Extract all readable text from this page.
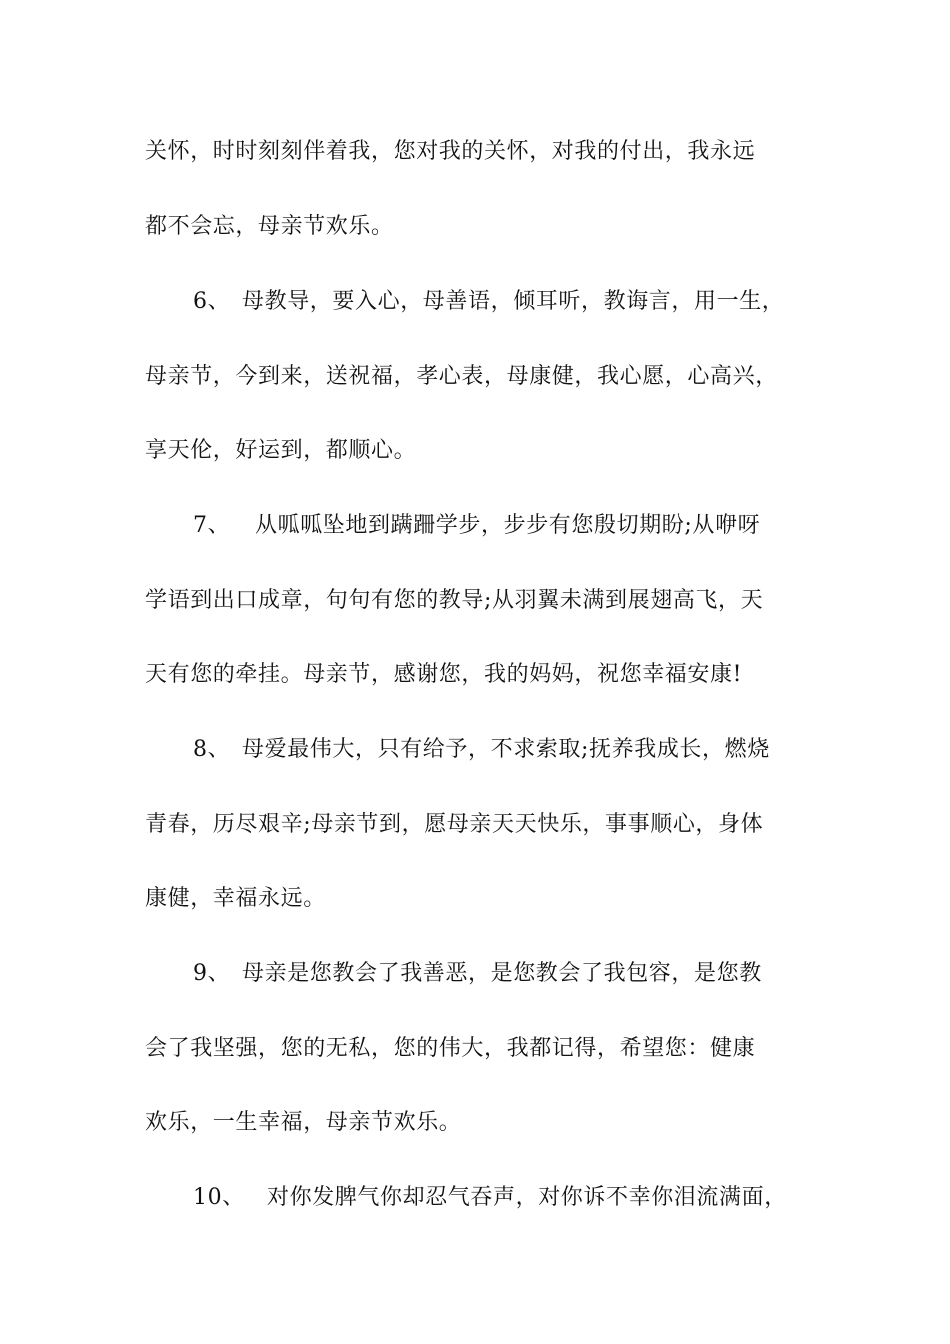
关怀，时时刻刻伴着我，您对我的关怀，对我的付出，我永远
都不会忘，母亲节欢乐。
6、 母教导，要入心，母善语，倾耳听，教诲言，用一生，
母亲节，今到来，送祝福，孝心表，母康健，我心愿，心高兴，
享天伦，好运到，都顺心。
7、 从呱呱坠地到蹒跚学步，步步有您殷切期盼;从咿呀
学语到出口成章，句句有您的教导;从羽翼未满到展翅高飞，天
天有您的牵挂。母亲节，感谢您，我的妈妈，祝您幸福安康!
8、 母爱最伟大，只有给予，不求索取;抚养我成长，燃烧
青春，历尽艰辛;母亲节到，愿母亲天天快乐，事事顺心，身体
康健，幸福永远。
9、 母亲是您教会了我善恶，是您教会了我包容，是您教
会了我坚强，您的无私，您的伟大，我都记得，希望您：健康
欢乐，一生幸福，母亲节欢乐。
10、 对你发脾气你却忍气吞声，对你诉不幸你泪流满面，
